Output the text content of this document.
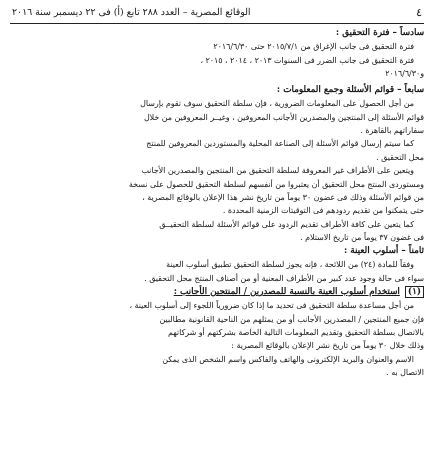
٤
الوقائع المصرية – العدد ٢٨٨ تابع (أ) فى ٢٢ ديسمبر سنة ٢٠١٦

سادساً – فترة التحقيق :

فترة التحقيق فى جانب الإغراق من ٢٠١٥/٧/١ حتى ٢٠١٦/٦/٣٠

فترة التحقيق فى جانب الضرر فى السنوات ٢٠١٣ ، ٢٠١٤ ، ٢٠١٥ ،

و٢٠١٦/٦/٣٠

سابعاً – قوائم الأسئلة وجمع المعلومات :

من أجل الحصول على المعلومات الضرورية ، فإن سلطة التحقيق سوف تقوم بإرسال

قوائم الأسئلة إلى المنتجين والمصدرين الأجانب المعروفين ، وغيــر المعروفين من خلال

سفاراتهم بالقاهرة .

كما سيتم إرسال قوائم الأسئلة إلى الصناعة المحلية والمستوردين المعروفين للمنتج

محل التحقيق .

ويتعين على الأطراف غير المعروفة لسلطة التحقيق من المنتجين والمصدرين الأجانب

ومستوردى المنتج محل التحقيق أن يعتبروا من أنفسهم لسلطة التحقيق للحصول على نسخة

من قوائم الأسئلة وذلك فى غضون ٣٠ يوماً من تاريخ نشر هذا الإعلان بالوقائع المصرية ،

حتى يتمكنوا من تقديم ردودهم فى التوقيتات الزمنية المحددة .

كما يتعين على كافة الأطراف تقديم الردود على قوائم الأسئلة لسلطة التحقيــق

فى غضون ٣٧ يوماً من تاريخ الاستلام .

ثامناً – أسلوب العينة :

وفقاً للمادة (٢٤) من اللائحة ، فإنه يجوز لسلطة التحقيق تطبيق أسلوب العينة

سواء فى حالة وجود عدد كبير من الأطراف المعنية أو من أصناف المنتج محل التحقيق .

(١) استخدام أسلوب العينة بالنسبة للمصدرين / المنتجين الأجانب :

من أجل مساعدة سلطة التحقيق فى تحديد ما إذا كان ضرورياً اللجوء إلى أسلوب العينة ،

فإن جميع المنتجين / المصدرين الأجانب أو من يمثلهم من الناحية القانونية مطالبين

بالاتصال بسلطة التحقيق وتقديم المعلومات التالية الخاصة بشركتهم أو شركاتهم

وذلك خلال ٣٠ يوماً من تاريخ نشر الإعلان بالوقائع المصرية :

الاسم والعنوان والبريد الإلكترونى والهاتف والفاكس واسم الشخص الذى يمكن

الاتصال به .
